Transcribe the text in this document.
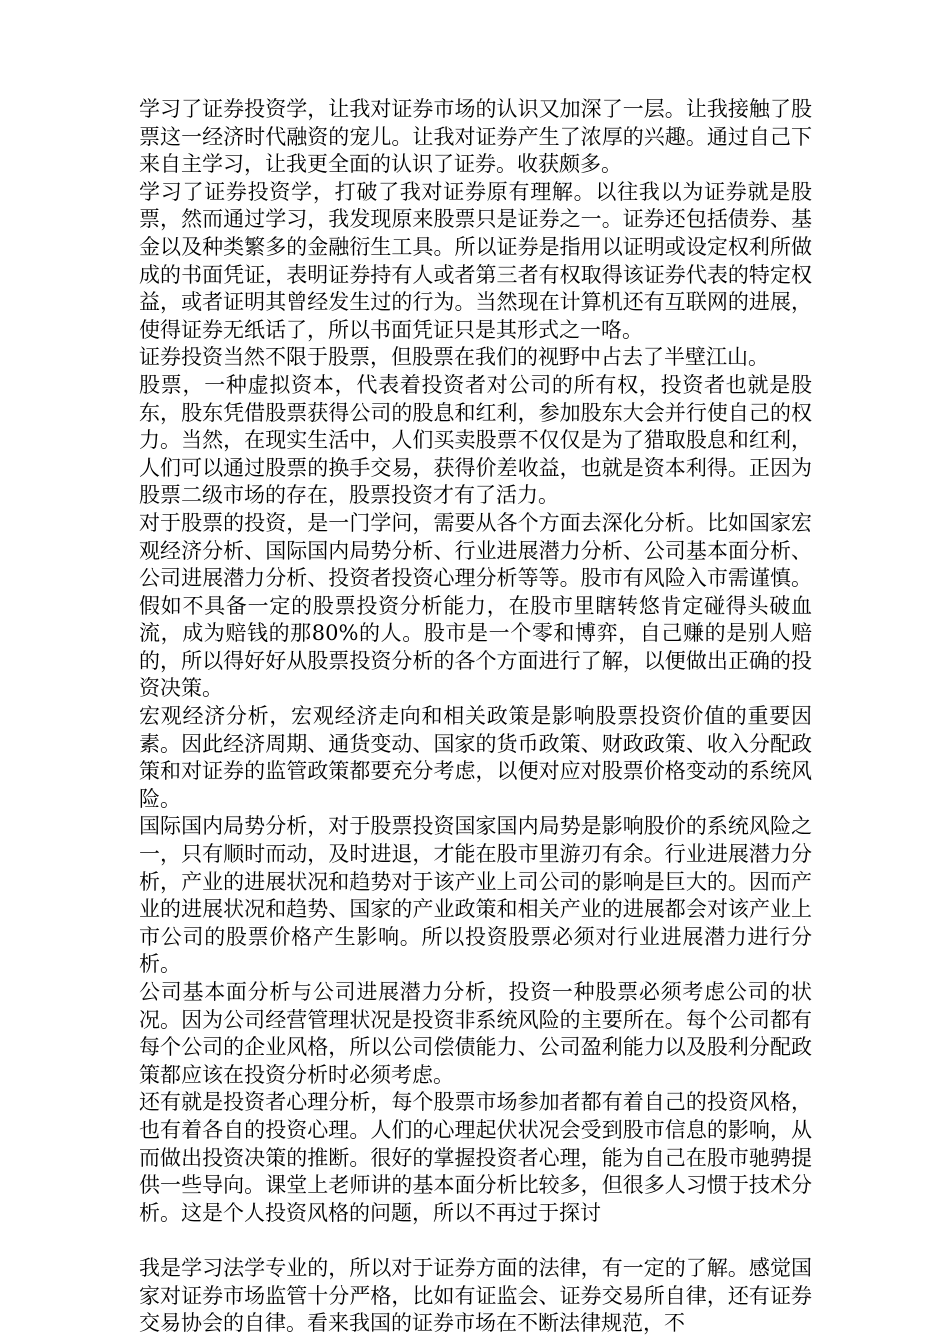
学习了证券投资学，让我对证券市场的认识又加深了一层。让我接触了股票这一经济时代融资的宠儿。让我对证券产生了浓厚的兴趣。通过自己下来自主学习，让我更全面的认识了证券。收获颇多。

学习了证券投资学，打破了我对证券原有理解。以往我以为证券就是股票，然而通过学习，我发现原来股票只是证券之一。证券还包括债券、基金以及种类繁多的金融衍生工具。所以证券是指用以证明或设定权利所做成的书面凭证，表明证券持有人或者第三者有权取得该证券代表的特定权益，或者证明其曾经发生过的行为。当然现在计算机还有互联网的进展，使得证券无纸话了，所以书面凭证只是其形式之一咯。

证券投资当然不限于股票，但股票在我们的视野中占去了半壁江山。

股票，一种虚拟资本，代表着投资者对公司的所有权，投资者也就是股东，股东凭借股票获得公司的股息和红利，参加股东大会并行使自己的权力。当然，在现实生活中，人们买卖股票不仅仅是为了猎取股息和红利，人们可以通过股票的换手交易，获得价差收益，也就是资本利得。正因为股票二级市场的存在，股票投资才有了活力。

对于股票的投资，是一门学问，需要从各个方面去深化分析。比如国家宏观经济分析、国际国内局势分析、行业进展潜力分析、公司基本面分析、公司进展潜力分析、投资者投资心理分析等等。股市有风险入市需谨慎。假如不具备一定的股票投资分析能力，在股市里瞎转悠肯定碰得头破血流，成为赔钱的那80%的人。股市是一个零和博弈，自己赚的是别人赔的，所以得好好从股票投资分析的各个方面进行了解，以便做出正确的投资决策。

宏观经济分析，宏观经济走向和相关政策是影响股票投资价值的重要因素。因此经济周期、通货变动、国家的货币政策、财政政策、收入分配政策和对证券的监管政策都要充分考虑，以便对应对股票价格变动的系统风险。

国际国内局势分析，对于股票投资国家国内局势是影响股价的系统风险之一，只有顺时而动，及时进退，才能在股市里游刃有余。行业进展潜力分析，产业的进展状况和趋势对于该产业上司公司的影响是巨大的。因而产业的进展状况和趋势、国家的产业政策和相关产业的进展都会对该产业上市公司的股票价格产生影响。所以投资股票必须对行业进展潜力进行分析。

公司基本面分析与公司进展潜力分析，投资一种股票必须考虑公司的状况。因为公司经营管理状况是投资非系统风险的主要所在。每个公司都有每个公司的企业风格，所以公司偿债能力、公司盈利能力以及股利分配政策都应该在投资分析时必须考虑。

还有就是投资者心理分析，每个股票市场参加者都有着自己的投资风格，也有着各自的投资心理。人们的心理起伏状况会受到股市信息的影响，从而做出投资决策的推断。很好的掌握投资者心理，能为自己在股市驰骋提供一些导向。课堂上老师讲的基本面分析比较多，但很多人习惯于技术分析。这是个人投资风格的问题，所以不再过于探讨

我是学习法学专业的，所以对于证券方面的法律，有一定的了解。感觉国家对证券市场监管十分严格，比如有证监会、证券交易所自律，还有证券交易协会的自律。看来我国的证券市场在不断法律规范，不
